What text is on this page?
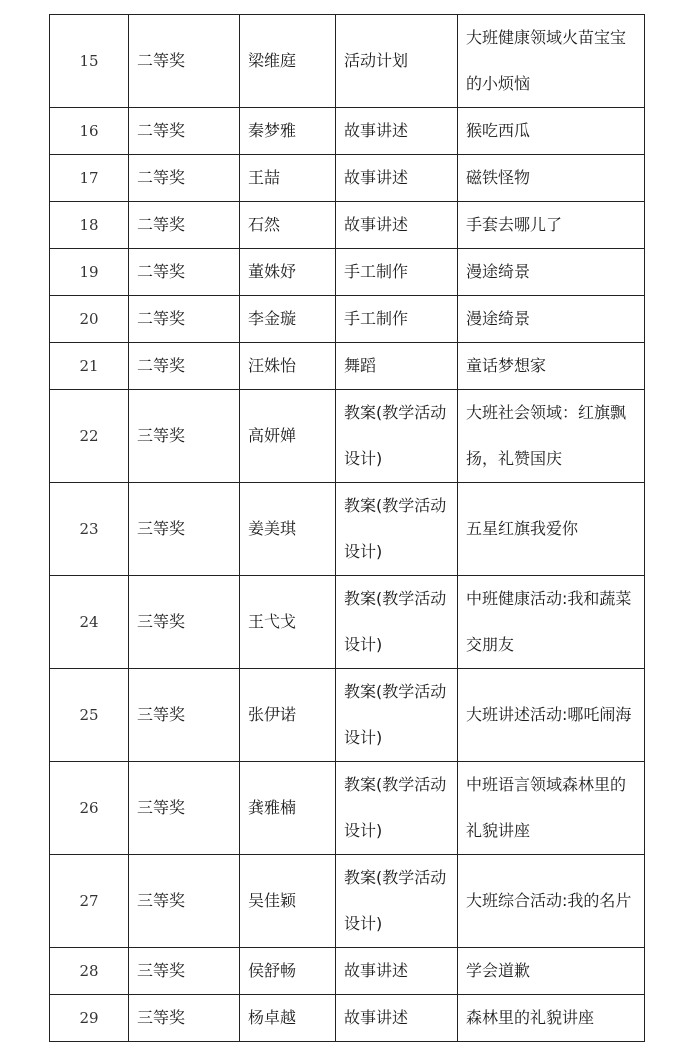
15	二等奖	梁维庭	活动计划	大班健康领域火苗宝宝的小烦恼

16	二等奖	秦梦雅	故事讲述	猴吃西瓜

17	二等奖	王喆	故事讲述	磁铁怪物

18	二等奖	石然	故事讲述	手套去哪儿了

19	二等奖	董姝妤	手工制作	漫途绮景

20	二等奖	李金璇	手工制作	漫途绮景

21	二等奖	汪姝怡	舞蹈	童话梦想家

22	三等奖	高妍婵	教案(教学活动设计)	大班社会领域：红旗飘扬，礼赞国庆

23	三等奖	姜美琪	教案(教学活动设计)	五星红旗我爱你

24	三等奖	王弋戈	教案(教学活动设计)	中班健康活动:我和蔬菜交朋友

25	三等奖	张伊诺	教案(教学活动设计)	大班讲述活动:哪吒闹海

26	三等奖	龚雅楠	教案(教学活动设计)	中班语言领域森林里的礼貌讲座

27	三等奖	吴佳颖	教案(教学活动设计)	大班综合活动:我的名片

28	三等奖	侯舒畅	故事讲述	学会道歉

29	三等奖	杨卓越	故事讲述	森林里的礼貌讲座
